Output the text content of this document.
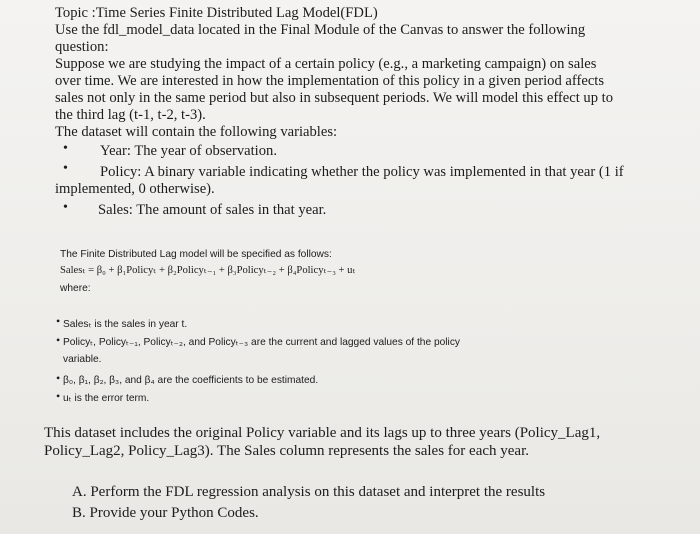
Topic :Time Series Finite Distributed Lag Model(FDL)
Use the fdl_model_data located in the Final Module of the Canvas to answer the following
question:
Suppose we are studying the impact of a certain policy (e.g., a marketing campaign) on sales
over time. We are interested in how the implementation of this policy in a given period affects
sales not only in the same period but also in subsequent periods. We will model this effect up to
the third lag (t-1, t-2, t-3).
The dataset will contain the following variables:
• Year: The year of observation.
• Policy: A binary variable indicating whether the policy was implemented in that year (1 if
implemented, 0 otherwise).
• Sales: The amount of sales in that year.
The Finite Distributed Lag model will be specified as follows:
Salesₜ = β₀ + β₁Policyₜ + β₂Policyₜ₋₁ + β₃Policyₜ₋₂ + β₄Policyₜ₋₃ + uₜ
where:
• Salesₜ is the sales in year t.
• Policyₜ, Policyₜ₋₁, Policyₜ₋₂, and Policyₜ₋₃ are the current and lagged values of the policy
variable.
• β₀, β₁, β₂, β₃, and β₄ are the coefficients to be estimated.
• uₜ is the error term.
This dataset includes the original Policy variable and its lags up to three years (Policy_Lag1,
Policy_Lag2, Policy_Lag3). The Sales column represents the sales for each year.
A. Perform the FDL regression analysis on this dataset and interpret the results
B. Provide your Python Codes.
